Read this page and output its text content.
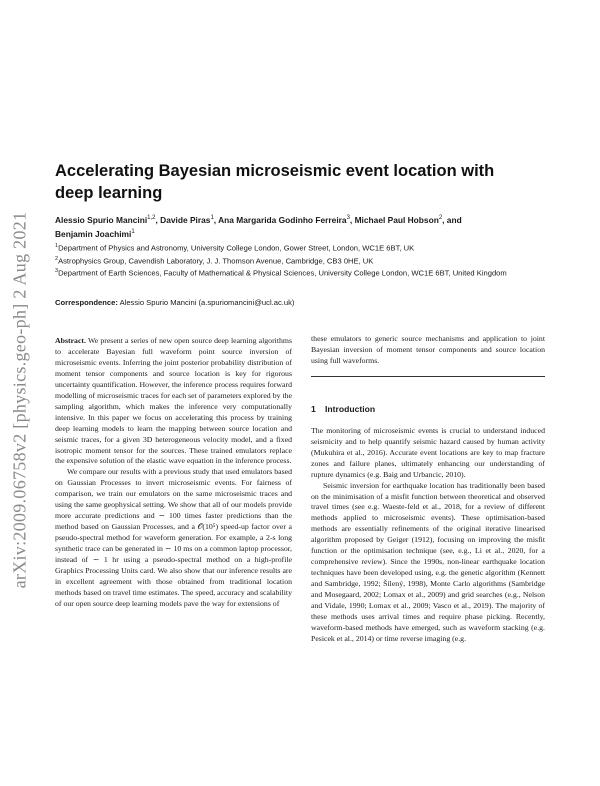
arXiv:2009.06758v2 [physics.geo-ph] 2 Aug 2021
Accelerating Bayesian microseismic event location with deep learning

Alessio Spurio Mancini$^{1,2}$, Davide Piras$^1$, Ana Margarida Godinho Ferreira$^3$, Michael Paul Hobson$^2$, and
Benjamin Joachimi$^1$

$^1$Department of Physics and Astronomy, University College London, Gower Street, London, WC1E 6BT, UK
$^2$Astrophysics Group, Cavendish Laboratory, J. J. Thomson Avenue, Cambridge, CB3 0HE, UK
$^3$Department of Earth Sciences, Faculty of Mathematical & Physical Sciences, University College London, WC1E 6BT, United Kingdom

Correspondence: Alessio Spurio Mancini (a.spuriomancini@ucl.ac.uk)

Abstract. We present a series of new open source deep learning algorithms to accelerate Bayesian full waveform point source inversion of microseismic events. Inferring the joint posterior probability distribution of moment tensor components and source location is key for rigorous uncertainty quantification. However, the inference process requires forward modelling of microseismic traces for each set of parameters explored by the sampling algorithm, which makes the inference very computationally intensive. In this paper we focus on accelerating this process by training deep learning models to learn the mapping between source location and seismic traces, for a given 3D heterogeneous velocity model, and a fixed isotropic moment tensor for the sources. These trained emulators replace the expensive solution of the elastic wave equation in the inference process.

We compare our results with a previous study that used emulators based on Gaussian Processes to invert microseismic events. For fairness of comparison, we train our emulators on the same microseismic traces and using the same geophysical setting. We show that all of our models provide more accurate predictions and ∼ 100 times faster predictions than the method based on Gaussian Processes, and a 𝒪(10⁵) speed-up factor over a pseudo-spectral method for waveform generation. For example, a 2-s long synthetic trace can be generated in ∼ 10 ms on a common laptop processor, instead of ∼ 1 hr using a pseudo-spectral method on a high-profile Graphics Processing Units card. We also show that our inference results are in excellent agreement with those obtained from traditional location methods based on travel time estimates. The speed, accuracy and scalability of our open source deep learning models pave the way for extensions of

these emulators to generic source mechanisms and application to joint Bayesian inversion of moment tensor components and source location using full waveforms.

1 Introduction

The monitoring of microseismic events is crucial to understand induced seismicity and to help quantify seismic hazard caused by human activity (Mukuhira et al., 2016). Accurate event locations are key to map fracture zones and failure planes, ultimately enhancing our understanding of rupture dynamics (e.g. Baig and Urbancic, 2010).

Seismic inversion for earthquake location has traditionally been based on the minimisation of a misfit function between theoretical and observed travel times (see e.g. Waeste-feld et al., 2018, for a review of different methods applied to microseismic events). These optimisation-based methods are essentially refinements of the original iterative linearised algorithm proposed by Geiger (1912), focusing on improving the misfit function or the optimisation technique (see, e.g., Li et al., 2020, for a comprehensive review). Since the 1990s, non-linear earthquake location techniques have been developed using, e.g. the genetic algorithm (Kennett and Sambridge, 1992; Šílený, 1998), Monte Carlo algorithms (Sambridge and Mosegaard, 2002; Lomax et al., 2009) and grid searches (e.g., Nelson and Vidale, 1990; Lomax et al., 2009; Vasco et al., 2019). The majority of these methods uses arrival times and require phase picking. Recently, waveform-based methods have emerged, such as waveform stacking (e.g. Pesicek et al., 2014) or time reverse imaging (e.g.
